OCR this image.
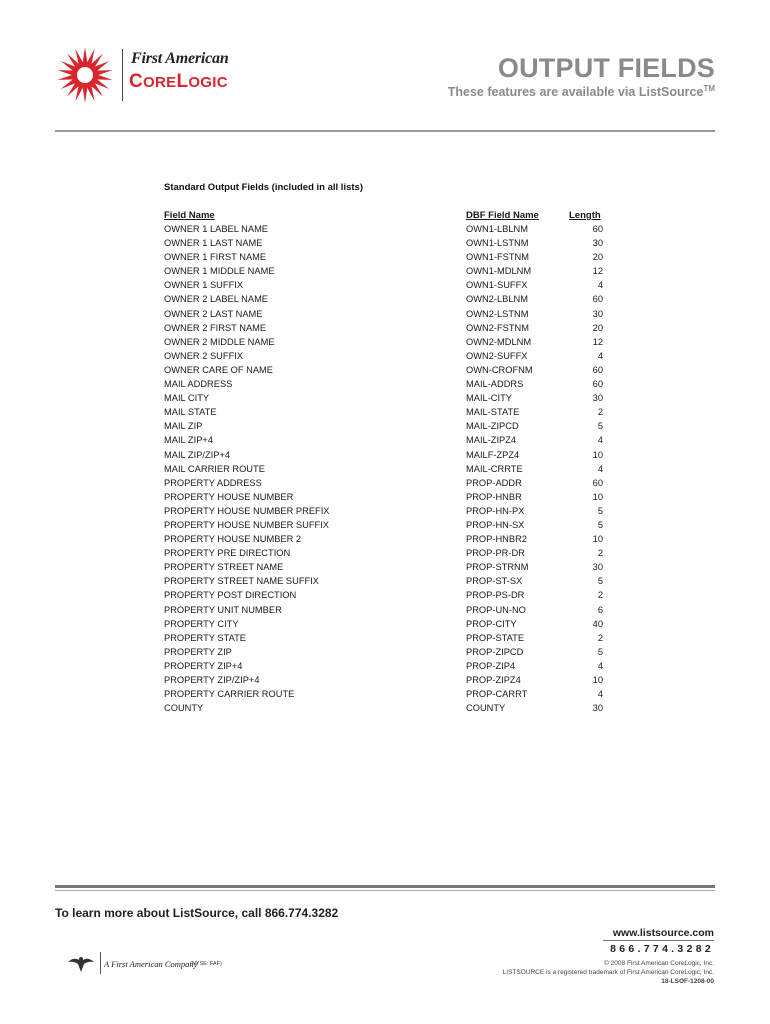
First American
CORELOGIC	OUTPUT FIELDS
These features are available via ListSource™
Standard Output Fields (included in all lists)
Field Name	DBF Field Name	Length
OWNER 1 LABEL NAME	OWN1-LBLNM	60
OWNER 1 LAST NAME	OWN1-LSTNM	30
OWNER 1 FIRST NAME	OWN1-FSTNM	20
OWNER 1 MIDDLE NAME	OWN1-MDLNM	12
OWNER 1 SUFFIX	OWN1-SUFFX	4
OWNER 2 LABEL NAME	OWN2-LBLNM	60
OWNER 2 LAST NAME	OWN2-LSTNM	30
OWNER 2 FIRST NAME	OWN2-FSTNM	20
OWNER 2 MIDDLE NAME	OWN2-MDLNM	12
OWNER 2 SUFFIX	OWN2-SUFFX	4
OWNER CARE OF NAME	OWN-CROFNM	60
MAIL ADDRESS	MAIL-ADDRS	60
MAIL CITY	MAIL-CITY	30
MAIL STATE	MAIL-STATE	2
MAIL ZIP	MAIL-ZIPCD	5
MAIL ZIP+4	MAIL-ZIPZ4	4
MAIL ZIP/ZIP+4	MAILF-ZPZ4	10
MAIL CARRIER ROUTE	MAIL-CRRTE	4
PROPERTY ADDRESS	PROP-ADDR	60
PROPERTY HOUSE NUMBER	PROP-HNBR	10
PROPERTY HOUSE NUMBER PREFIX	PROP-HN-PX	5
PROPERTY HOUSE NUMBER SUFFIX	PROP-HN-SX	5
PROPERTY HOUSE NUMBER 2	PROP-HNBR2	10
PROPERTY PRE DIRECTION	PROP-PR-DR	2
PROPERTY STREET NAME	PROP-STRNM	30
PROPERTY STREET NAME SUFFIX	PROP-ST-SX	5
PROPERTY POST DIRECTION	PROP-PS-DR	2
PROPERTY UNIT NUMBER	PROP-UN-NO	6
PROPERTY CITY	PROP-CITY	40
PROPERTY STATE	PROP-STATE	2
PROPERTY ZIP	PROP-ZIPCD	5
PROPERTY ZIP+4	PROP-ZIP4	4
PROPERTY ZIP/ZIP+4	PROP-ZIPZ4	10
PROPERTY CARRIER ROUTE	PROP-CARRT	4
COUNTY	COUNTY	30
To learn more about ListSource, call 866.774.3282
www.listsource.com
866.774.3282
© 2008 First American CoreLogic, Inc.
LISTSOURCE is a registered trademark of First American CoreLogic, Inc.
18-LSOF-1208-00
A First American Company
(NYSE: FAF)
